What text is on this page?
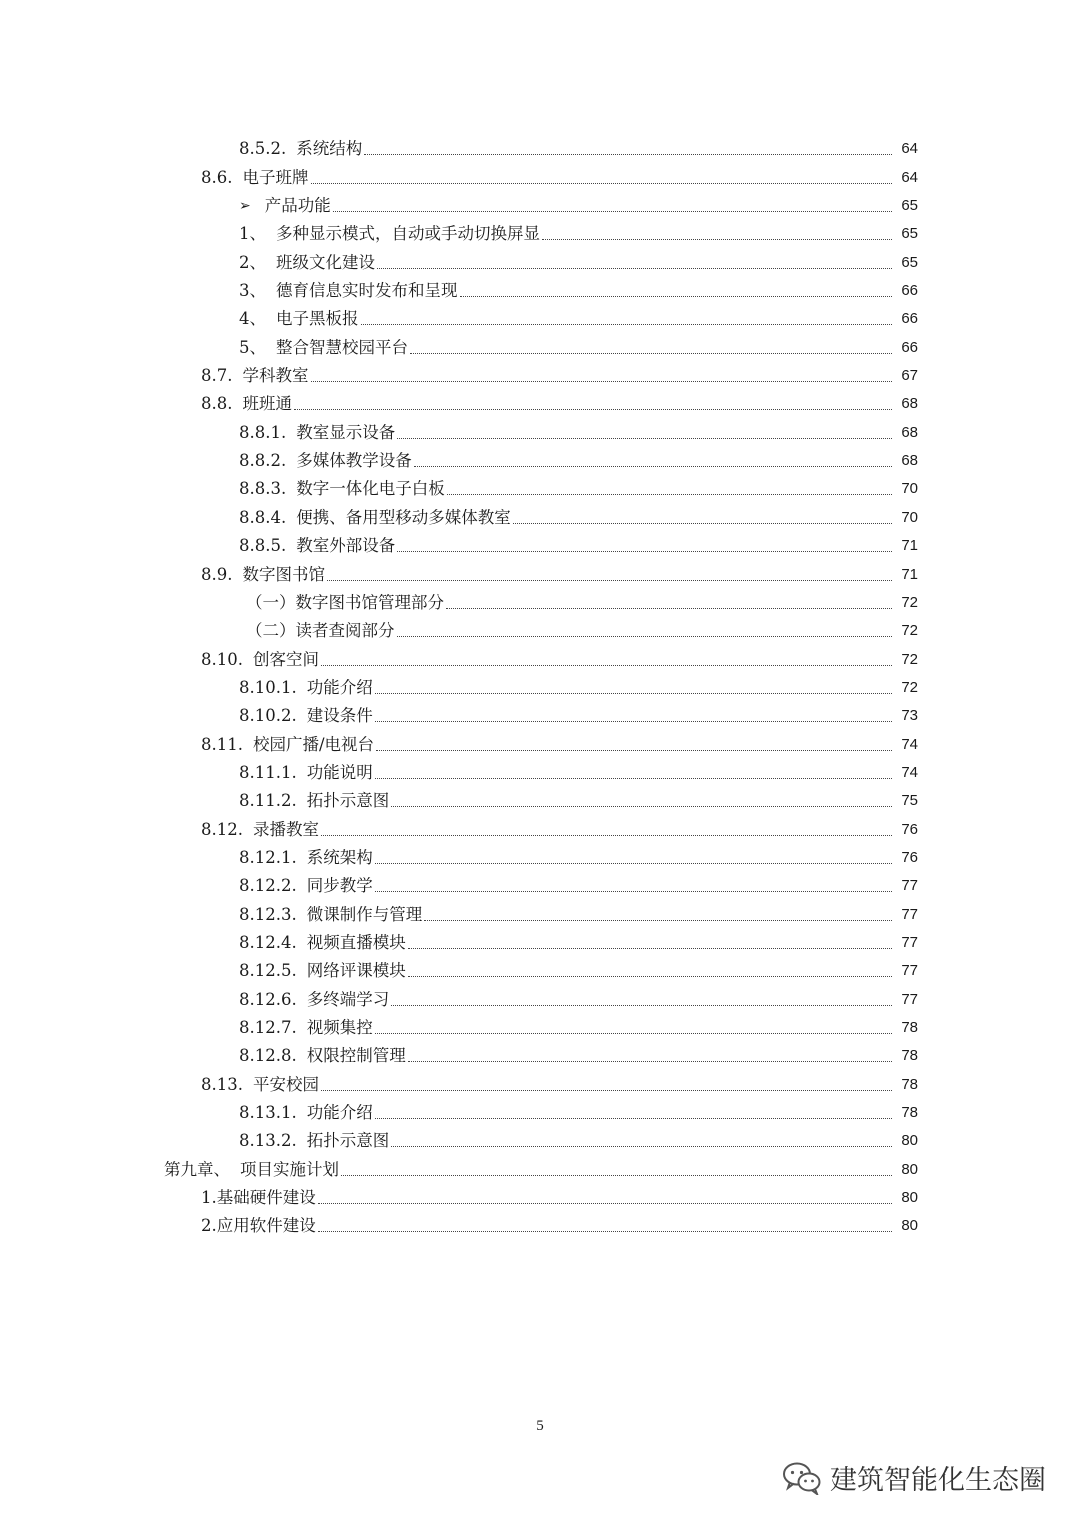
8.5.2. 系统结构	64
8.6. 电子班牌	64
➢ 产品功能	65
1、 多种显示模式，自动或手动切换屏显	65
2、 班级文化建设	65
3、 德育信息实时发布和呈现	66
4、 电子黑板报	66
5、 整合智慧校园平台	66
8.7. 学科教室	67
8.8. 班班通	68
8.8.1. 教室显示设备	68
8.8.2. 多媒体教学设备	68
8.8.3. 数字一体化电子白板	70
8.8.4. 便携、备用型移动多媒体教室	70
8.8.5. 教室外部设备	71
8.9. 数字图书馆	71
（一）数字图书馆管理部分	72
（二）读者查阅部分	72
8.10. 创客空间	72
8.10.1. 功能介绍	72
8.10.2. 建设条件	73
8.11. 校园广播/电视台	74
8.11.1. 功能说明	74
8.11.2. 拓扑示意图	75
8.12. 录播教室	76
8.12.1. 系统架构	76
8.12.2. 同步教学	77
8.12.3. 微课制作与管理	77
8.12.4. 视频直播模块	77
8.12.5. 网络评课模块	77
8.12.6. 多终端学习	77
8.12.7. 视频集控	78
8.12.8. 权限控制管理	78
8.13. 平安校园	78
8.13.1. 功能介绍	78
8.13.2. 拓扑示意图	80
第九章、 项目实施计划	80
1.基础硬件建设	80
2.应用软件建设	80
5
建筑智能化生态圈
